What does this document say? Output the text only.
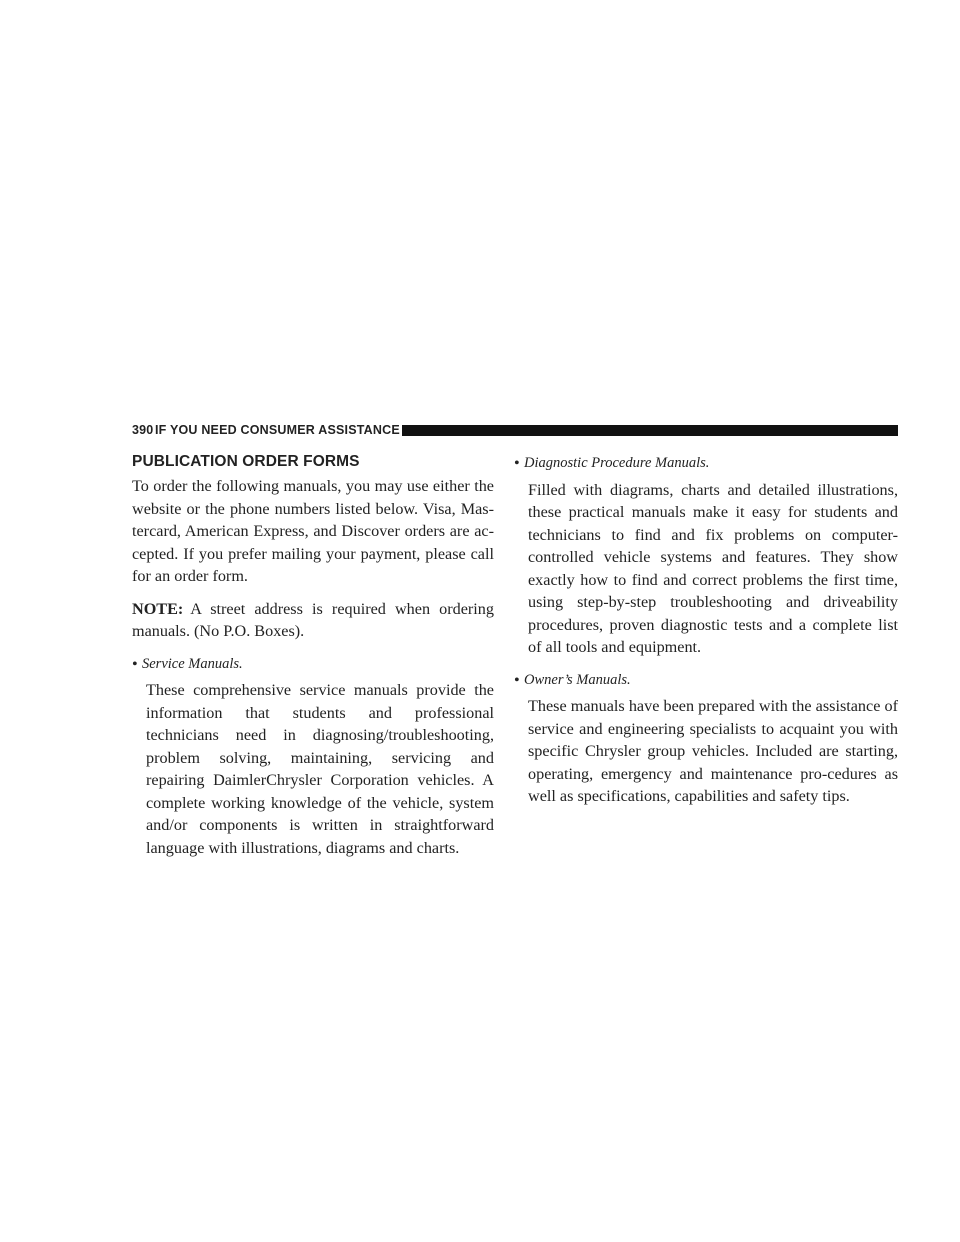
390 IF YOU NEED CONSUMER ASSISTANCE
PUBLICATION ORDER FORMS

To order the following manuals, you may use either the website or the phone numbers listed below. Visa, Mas-tercard, American Express, and Discover orders are ac-cepted. If you prefer mailing your payment, please call for an order form.

NOTE: A street address is required when ordering manuals. (No P.O. Boxes).

• Service Manuals.

These comprehensive service manuals provide the information that students and professional technicians need in diagnosing/troubleshooting, problem solving, maintaining, servicing and repairing DaimlerChrysler Corporation vehicles. A complete working knowledge of the vehicle, system and/or components is written in straightforward language with illustrations, diagrams and charts.

• Diagnostic Procedure Manuals.

Filled with diagrams, charts and detailed illustrations, these practical manuals make it easy for students and technicians to find and fix problems on computer-controlled vehicle systems and features. They show exactly how to find and correct problems the first time, using step-by-step troubleshooting and driveability procedures, proven diagnostic tests and a complete list of all tools and equipment.

• Owner’s Manuals.

These manuals have been prepared with the assistance of service and engineering specialists to acquaint you with specific Chrysler group vehicles. Included are starting, operating, emergency and maintenance pro-cedures as well as specifications, capabilities and safety tips.
